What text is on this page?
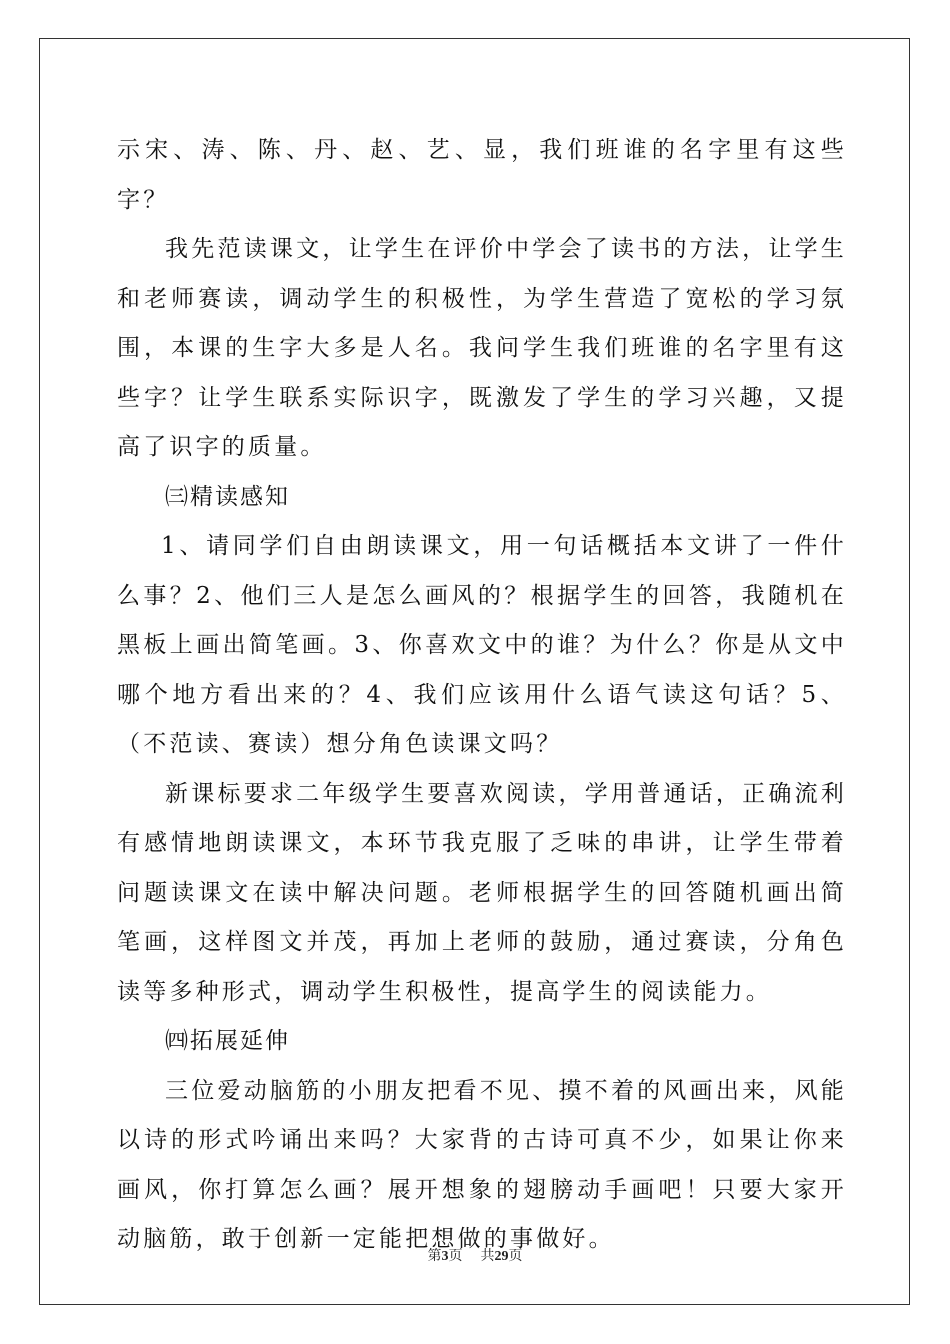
示宋、涛、陈、丹、赵、艺、显，我们班谁的名字里有这些字？

我先范读课文，让学生在评价中学会了读书的方法，让学生和老师赛读，调动学生的积极性，为学生营造了宽松的学习氛围，本课的生字大多是人名。我问学生我们班谁的名字里有这些字？让学生联系实际识字，既激发了学生的学习兴趣，又提高了识字的质量。

㈢精读感知

1、请同学们自由朗读课文，用一句话概括本文讲了一件什么事？2、他们三人是怎么画风的？根据学生的回答，我随机在黑板上画出简笔画。3、你喜欢文中的谁？为什么？你是从文中哪个地方看出来的？4、我们应该用什么语气读这句话？5、（不范读、赛读）想分角色读课文吗？

新课标要求二年级学生要喜欢阅读，学用普通话，正确流利有感情地朗读课文，本环节我克服了乏味的串讲，让学生带着问题读课文在读中解决问题。老师根据学生的回答随机画出简笔画，这样图文并茂，再加上老师的鼓励，通过赛读，分角色读等多种形式，调动学生积极性，提高学生的阅读能力。

㈣拓展延伸

三位爱动脑筋的小朋友把看不见、摸不着的风画出来，风能以诗的形式吟诵出来吗？大家背的古诗可真不少，如果让你来画风，你打算怎么画？展开想象的翅膀动手画吧！只要大家开动脑筋，敢于创新一定能把想做的事做好。

第3页 共29页
